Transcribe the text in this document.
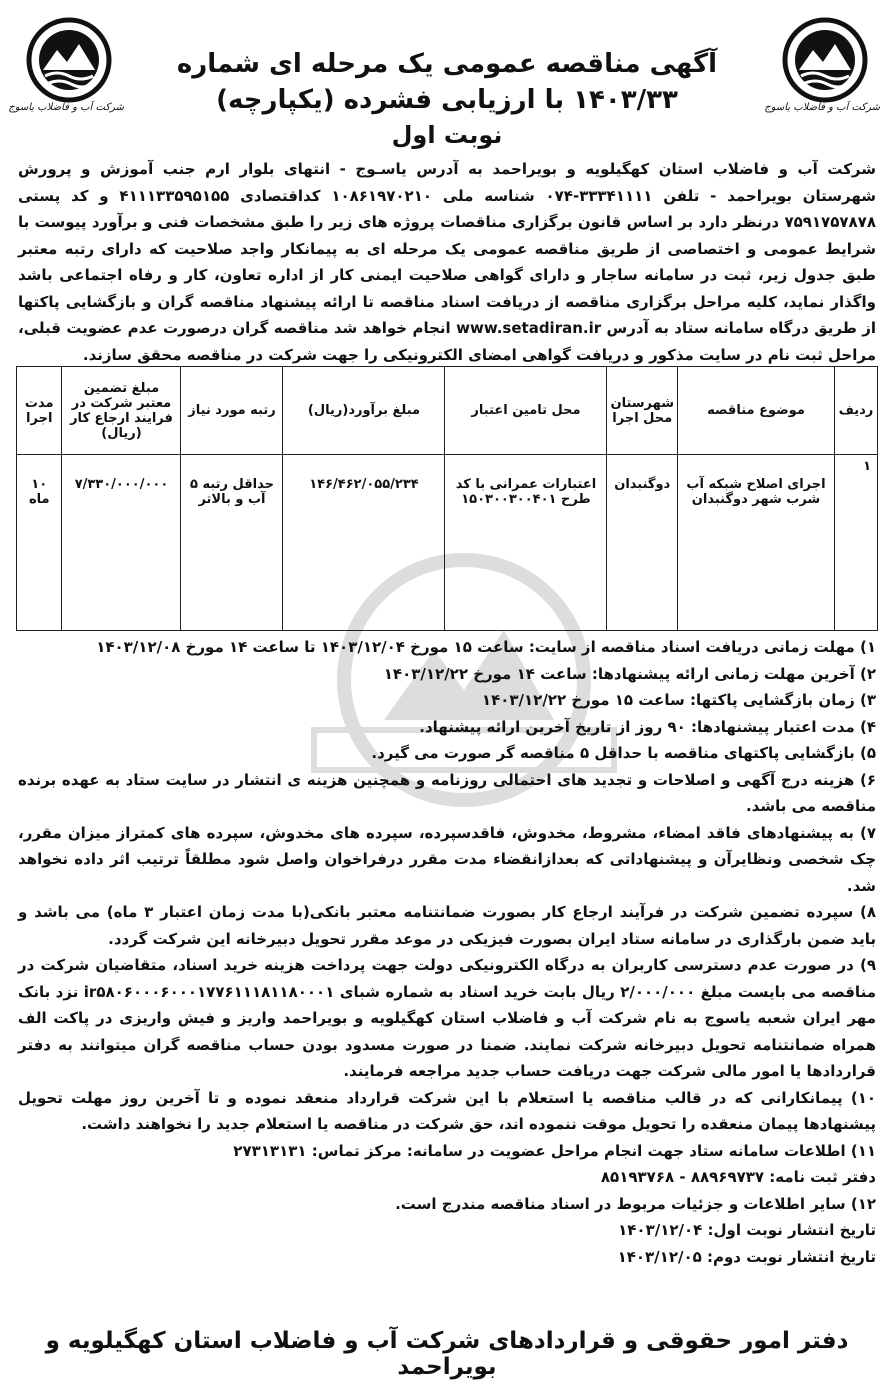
شرکت آب و فاضلاب یاسوج
شرکت آب و فاضلاب یاسوج
آگهی مناقصه عمومی یک مرحله ای شماره ۱۴۰۳/۳۳ با ارزیابی فشرده (یکپارچه)
نوبت اول
شرکت آب و فاضلاب استان کهگیلویه و بویراحمد به آدرس یاسـوج - انتهای بلوار ارم جنب آموزش و پرورش شهرستان بویراحمد - تلفن ۳۳۳۴۱۱۱۱-۰۷۴ شناسه ملی ۱۰۸۶۱۹۷۰۲۱۰ کداقتصادی ۴۱۱۱۳۳۵۹۵۱۵۵ و کد پستی ۷۵۹۱۷۵۷۸۷۸ درنظر دارد بر اساس قانون برگزاری مناقصات پروژه های زیر را طبق مشخصات فنی و برآورد پیوست با شرایط عمومی و اختصاصی از طریق مناقصه عمومی یک مرحله ای به پیمانکار واجد صلاحیت که دارای رتبه معتبر طبق جدول زیر، ثبت در سامانه ساجار و دارای گواهی صلاحیت ایمنی کار از اداره تعاون، کار و رفاه اجتماعی باشد واگذار نماید، کلیه مراحل برگزاری مناقصه از دریافت اسناد مناقصه تا ارائه پیشنهاد مناقصه گران و بازگشایی پاکتها از طریق درگاه سامانه ستاد به آدرس www.setadiran.ir انجام خواهد شد مناقصه گران درصورت عدم عضویت قبلی، مراحل ثبت نام در سایت مذکور و دریافت گواهی امضای الکترونیکی را جهت شرکت در مناقصه محقق سازند.
ردیف	موضوع مناقصه	شهرستان محل اجرا	محل تامین اعتبار	مبلغ برآورد(ریال)	رتبه مورد نیاز	مبلغ تضمین معتبر شرکت در فرایند ارجاع کار (ریال)	مدت اجرا
۱	اجرای اصلاح شبکه آب شرب شهر دوگنبدان	دوگنبدان	اعتبارات عمرانی با کد طرح ۱۵۰۳۰۰۳۰۰۴۰۱	۱۴۶/۴۶۲/۰۵۵/۲۳۴	حداقل رتبه ۵ آب و بالاتر	۷/۳۳۰/۰۰۰/۰۰۰	۱۰ ماه
۱) مهلت زمانی دریافت اسناد مناقصه از سایت: ساعت ۱۵ مورخ ۱۴۰۳/۱۲/۰۴ تا ساعت ۱۴ مورخ ۱۴۰۳/۱۲/۰۸
۲) آخرین مهلت زمانی ارائه پیشنهادها: ساعت ۱۴ مورخ ۱۴۰۳/۱۲/۲۲
۳) زمان بازگشایی پاکتها: ساعت ۱۵ مورخ ۱۴۰۳/۱۲/۲۲
۴) مدت اعتبار پیشنهادها: ۹۰ روز از تاریخ آخرین ارائه پیشنهاد.
۵) بازگشایی پاکتهای مناقصه با حداقل ۵ مناقصه گر صورت می گیرد.
۶) هزینه درج آگهی و اصلاحات و تجدید های احتمالی روزنامه و همچنین هزینه ی انتشار در سایت ستاد به عهده برنده مناقصه می باشد.
۷) به پیشنهادهای فاقد امضاء، مشروط، مخدوش، فاقدسپرده، سپرده های مخدوش، سپرده های کمتراز میزان مقرر، چک شخصی ونظایرآن و پیشنهاداتی که بعدازانقضاء مدت مقرر درفراخوان واصل شود مطلقاً ترتیب اثر داده نخواهد شد.
۸) سپرده تضمین شرکت در فرآیند ارجاع کار بصورت ضمانتنامه معتبر بانکی(با مدت زمان اعتبار ۳ ماه) می باشد و باید ضمن بارگذاری در سامانه ستاد ایران بصورت فیزیکی در موعد مقرر تحویل دبیرخانه این شرکت گردد.
۹) در صورت عدم دسترسی کاربران به درگاه الکترونیکی دولت جهت پرداخت هزینه خرید اسناد، متقاضیان شرکت در مناقصه می بایست مبلغ ۲/۰۰۰/۰۰۰ ریال بابت خرید اسناد به شماره شبای ir۵۸۰۶۰۰۰۶۰۰۰۱۷۷۶۱۱۱۸۱۱۸۰۰۰۱ نزد بانک مهر ایران شعبه یاسوج به نام شرکت آب و فاضلاب استان کهگیلویه و بویراحمد واریز و فیش واریزی در پاکت الف همراه ضمانتنامه تحویل دبیرخانه شرکت نمایند. ضمنا در صورت مسدود بودن حساب مناقصه گران میتوانند به دفتر قراردادها یا امور مالی شرکت جهت دریافت حساب جدید مراجعه فرمایند.
۱۰) پیمانکارانی که در قالب مناقصه یا استعلام با این شرکت قرارداد منعقد نموده و تا آخرین روز مهلت تحویل پیشنهادها پیمان منعقده را تحویل موقت ننموده اند، حق شرکت در مناقصه یا استعلام جدید را نخواهند داشت.
۱۱) اطلاعات سامانه ستاد جهت انجام مراحل عضویت در سامانه: مرکز تماس: ۲۷۳۱۳۱۳۱
دفتر ثبت نامه: ۸۸۹۶۹۷۳۷ - ۸۵۱۹۳۷۶۸
۱۲) سایر اطلاعات و جزئیات مربوط در اسناد مناقصه مندرج است.
تاریخ انتشار نوبت اول: ۱۴۰۳/۱۲/۰۴
تاریخ انتشار نوبت دوم: ۱۴۰۳/۱۲/۰۵
دفتر امور حقوقی و قراردادهای شرکت آب و فاضلاب استان کهگیلویه و بویراحمد
